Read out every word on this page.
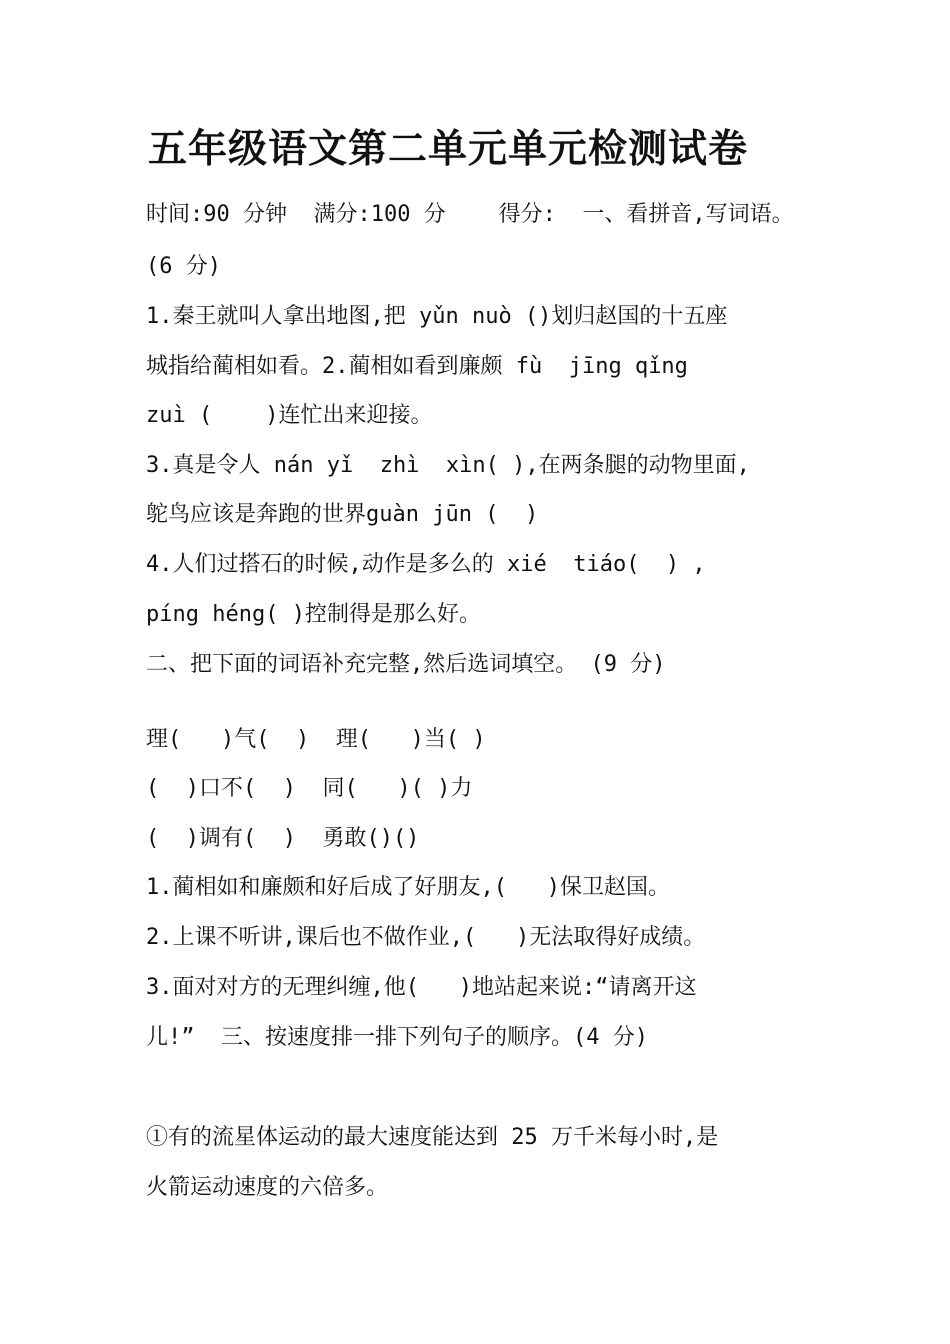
五年级语文第二单元单元检测试卷

时间:90 分钟  满分:100 分    得分:  一、看拼音,写词语。

(6 分)

1.秦王就叫人拿出地图,把 yǔn nuò ()划归赵国的十五座

城指给蔺相如看。2.蔺相如看到廉颇 fù  jīng qǐng

zuì (    )连忙出来迎接。

3.真是令人 nán yǐ  zhì  xìn( ),在两条腿的动物里面,

鸵鸟应该是奔跑的世界guàn jūn (  )

4.人们过搭石的时候,动作是多么的 xié  tiáo(  ) ,

píng héng( )控制得是那么好。

二、把下面的词语补充完整,然后选词填空。 (9 分)

理(   )气(  )  理(   )当( )

(  )口不(  )  同(   )( )力

(  )调有(  )  勇敢()()

1.蔺相如和廉颇和好后成了好朋友,(   )保卫赵国。

2.上课不听讲,课后也不做作业,(   )无法取得好成绩。

3.面对对方的无理纠缠,他(   )地站起来说:“请离开这

儿!”  三、按速度排一排下列句子的顺序。(4 分)

①有的流星体运动的最大速度能达到 25 万千米每小时,是

火箭运动速度的六倍多。
